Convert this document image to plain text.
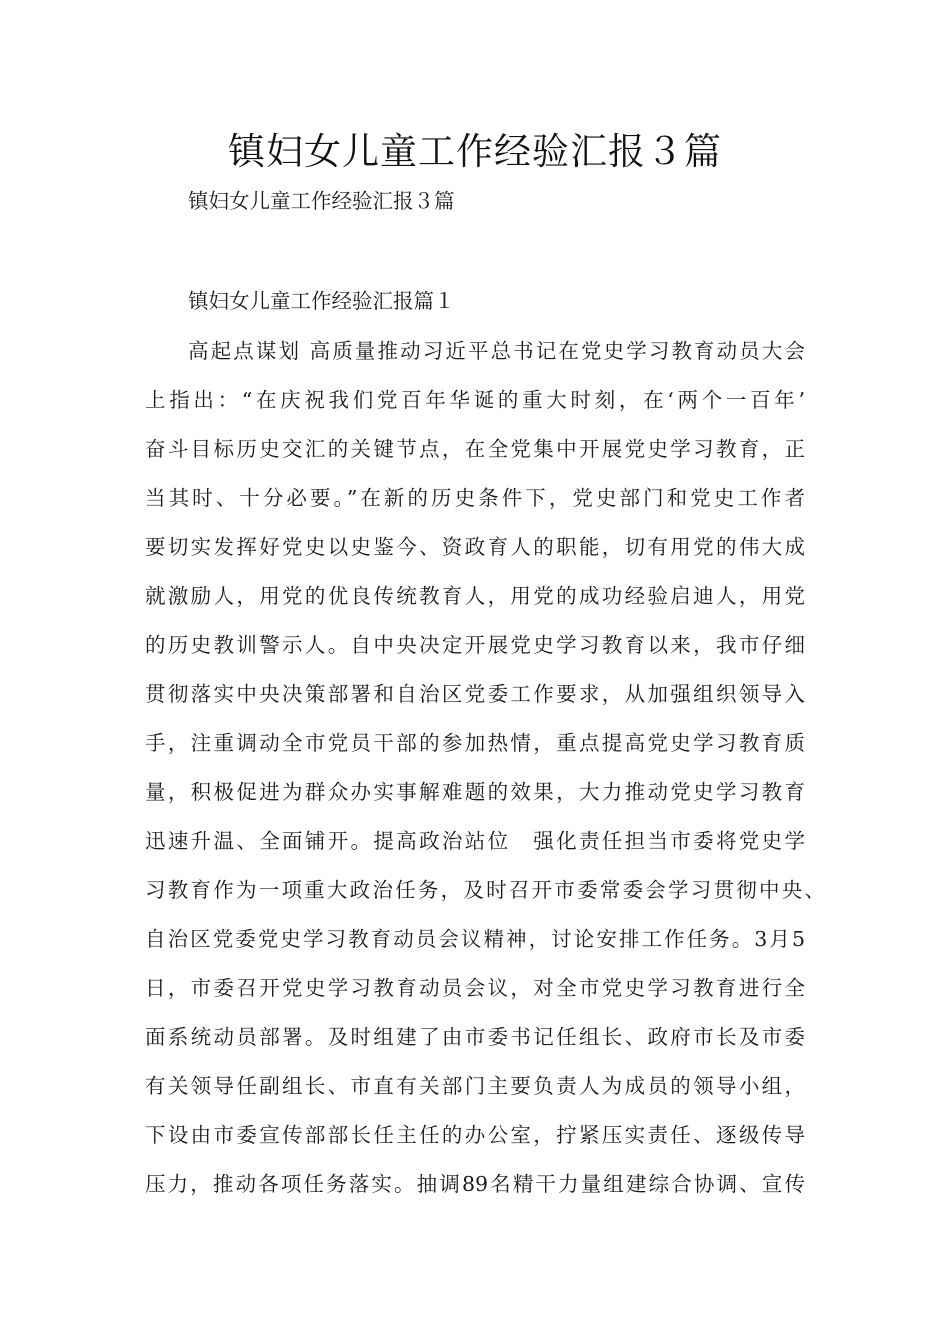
镇妇女儿童工作经验汇报３篇
镇妇女儿童工作经验汇报３篇
镇妇女儿童工作经验汇报篇１
高起点谋划 高质量推动习近平总书记在党史学习教育动员大会
上指出：“在庆祝我们党百年华诞的重大时刻，在‘两个一百年’
奋斗目标历史交汇的关键节点，在全党集中开展党史学习教育，正
当其时、十分必要。”在新的历史条件下，党史部门和党史工作者
要切实发挥好党史以史鉴今、资政育人的职能，切有用党的伟大成
就激励人，用党的优良传统教育人，用党的成功经验启迪人，用党
的历史教训警示人。自中央决定开展党史学习教育以来，我市仔细
贯彻落实中央决策部署和自治区党委工作要求，从加强组织领导入
手，注重调动全市党员干部的参加热情，重点提高党史学习教育质
量，积极促进为群众办实事解难题的效果，大力推动党史学习教育
迅速升温、全面铺开。提高政治站位　强化责任担当市委将党史学
习教育作为一项重大政治任务，及时召开市委常委会学习贯彻中央、
自治区党委党史学习教育动员会议精神，讨论安排工作任务。3月5
日，市委召开党史学习教育动员会议，对全市党史学习教育进行全
面系统动员部署。及时组建了由市委书记任组长、政府市长及市委
有关领导任副组长、市直有关部门主要负责人为成员的领导小组，
下设由市委宣传部部长任主任的办公室，拧紧压实责任、逐级传导
压力，推动各项任务落实。抽调89名精干力量组建综合协调、宣传
